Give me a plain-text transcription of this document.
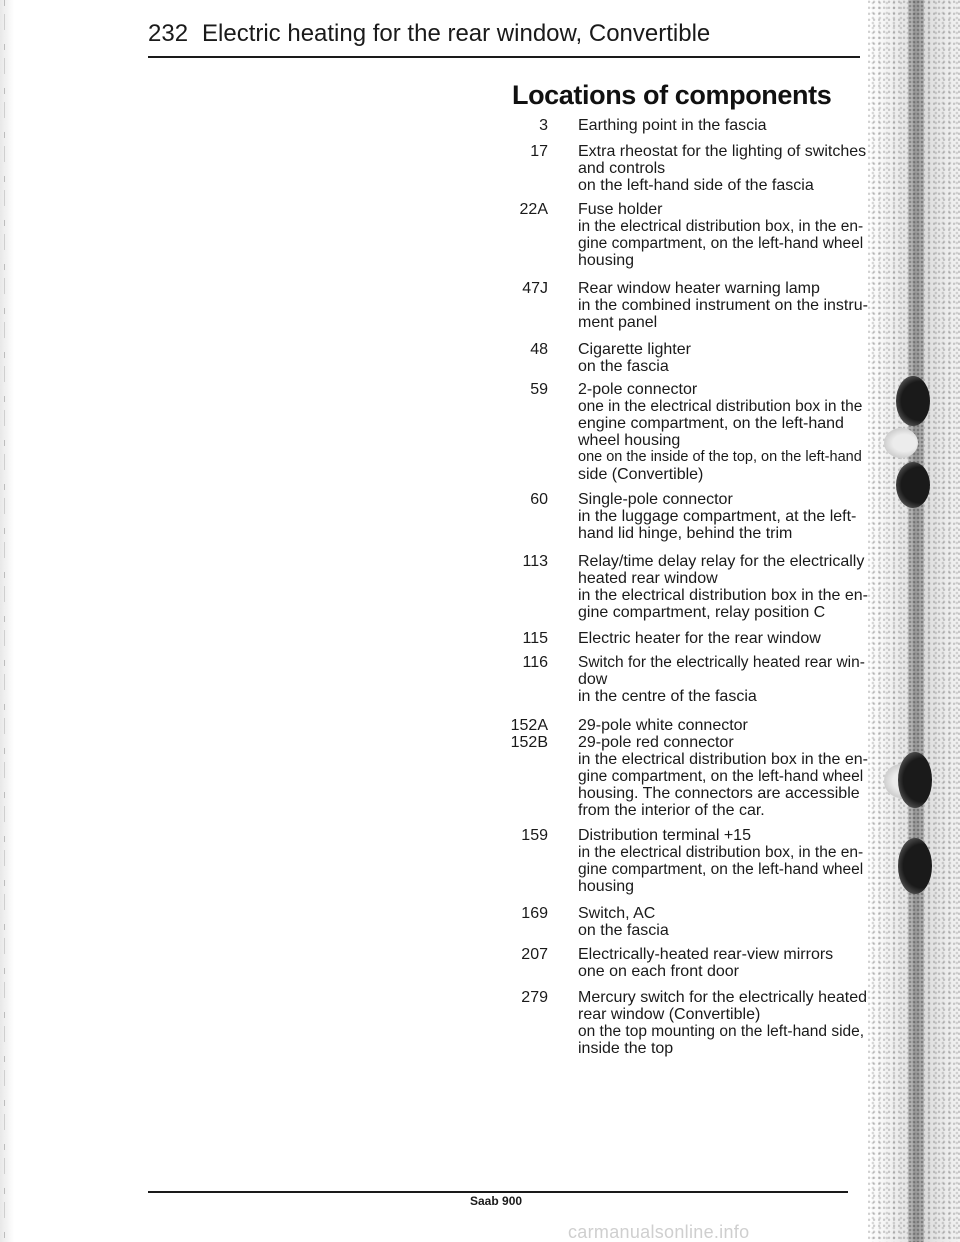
232 Electric heating for the rear window, Convertible
Locations of components
3 Earthing point in the fascia
17 Extra rheostat for the lighting of switches
and controls
on the left-hand side of the fascia
22A Fuse holder
in the electrical distribution box, in the en-
gine compartment, on the left-hand wheel
housing
47J Rear window heater warning lamp
in the combined instrument on the instru-
ment panel
48 Cigarette lighter
on the fascia
59 2-pole connector
one in the electrical distribution box in the
engine compartment, on the left-hand
wheel housing
one on the inside of the top, on the left-hand
side (Convertible)
60 Single-pole connector
in the luggage compartment, at the left-
hand lid hinge, behind the trim
113 Relay/time delay relay for the electrically
heated rear window
in the electrical distribution box in the en-
gine compartment, relay position C
115 Electric heater for the rear window
116 Switch for the electrically heated rear win-
dow
in the centre of the fascia
152A
152B
29-pole white connector
29-pole red connector
in the electrical distribution box in the en-
gine compartment, on the left-hand wheel
housing. The connectors are accessible
from the interior of the car.
159 Distribution terminal +15
in the electrical distribution box, in the en-
gine compartment, on the left-hand wheel
housing
169 Switch, AC
on the fascia
207 Electrically-heated rear-view mirrors
one on each front door
279 Mercury switch for the electrically heated
rear window (Convertible)
on the top mounting on the left-hand side,
inside the top
Saab 900
carmanualsonline.info
